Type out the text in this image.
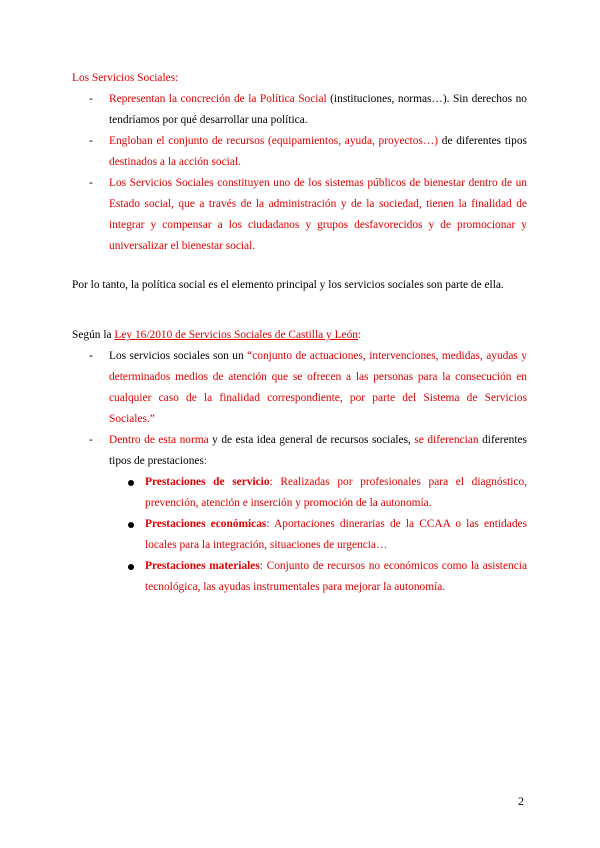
Los Servicios Sociales:

- Representan la concreción de la Política Social (instituciones, normas…). Sin derechos no tendríamos por qué desarrollar una política.
- Engloban el conjunto de recursos (equipamientos, ayuda, proyectos…) de diferentes tipos destinados a la acción social.
- Los Servicios Sociales constituyen uno de los sistemas públicos de bienestar dentro de un Estado social, que a través de la administración y de la sociedad, tienen la finalidad de integrar y compensar a los ciudadanos y grupos desfavorecidos y de promocionar y universalizar el bienestar social.

Por lo tanto, la política social es el elemento principal y los servicios sociales son parte de ella.

Según la Ley 16/2010 de Servicios Sociales de Castilla y León:

- Los servicios sociales son un “conjunto de actuaciones, intervenciones, medidas, ayudas y determinados medios de atención que se ofrecen a las personas para la consecución en cualquier caso de la finalidad correspondiente, por parte del Sistema de Servicios Sociales.”
- Dentro de esta norma y de esta idea general de recursos sociales, se diferencian diferentes tipos de prestaciones:
Prestaciones de servicio: Realizadas por profesionales para el diagnóstico, prevención, atención e inserción y promoción de la autonomía.
Prestaciones económicas: Aportaciones dinerarias de la CCAA o las entidades locales para la integración, situaciones de urgencia…
Prestaciones materiales: Conjunto de recursos no económicos como la asistencia tecnológica, las ayudas instrumentales para mejorar la autonomía.
2
